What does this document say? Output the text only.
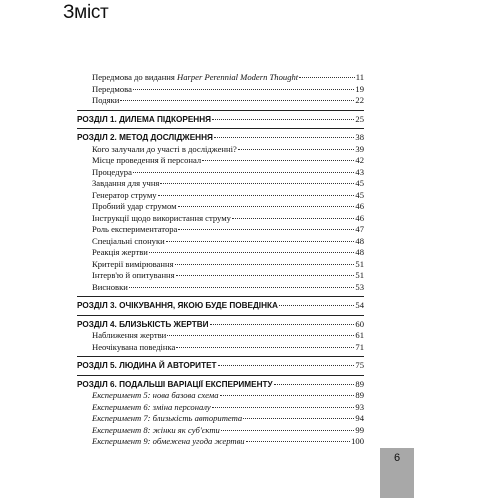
Зміст
Передмова до видання Harper Perennial Modern Thought	11
Передмова	19
Подяки	22
РОЗДІЛ 1. ДИЛЕМА ПІДКОРЕННЯ	25
РОЗДІЛ 2. МЕТОД ДОСЛІДЖЕННЯ	38
Кого залучали до участі в дослідженні?	39
Місце проведення й персонал	42
Процедура	43
Завдання для учня	45
Генератор струму	45
Пробний удар струмом	46
Інструкції щодо використання струму	46
Роль експериментатора	47
Спеціальні спонуки	48
Реакція жертви	48
Критерії вимірювання	51
Інтерв'ю й опитування	51
Висновки	53
РОЗДІЛ 3. ОЧІКУВАННЯ, ЯКОЮ БУДЕ ПОВЕДІНКА	54
РОЗДІЛ 4. БЛИЗЬКІСТЬ ЖЕРТВИ	60
Наближення жертви	61
Неочікувана поведінка	71
РОЗДІЛ 5. ЛЮДИНА Й АВТОРИТЕТ	75
РОЗДІЛ 6. ПОДАЛЬШІ ВАРІАЦІЇ ЕКСПЕРИМЕНТУ	89
Експеримент 5: нова базова схема	89
Експеримент 6: зміна персоналу	93
Експеримент 7: близькість авторитета	94
Експеримент 8: жінки як суб'єкти	99
Експеримент 9: обмежена угода жертви	100
6
